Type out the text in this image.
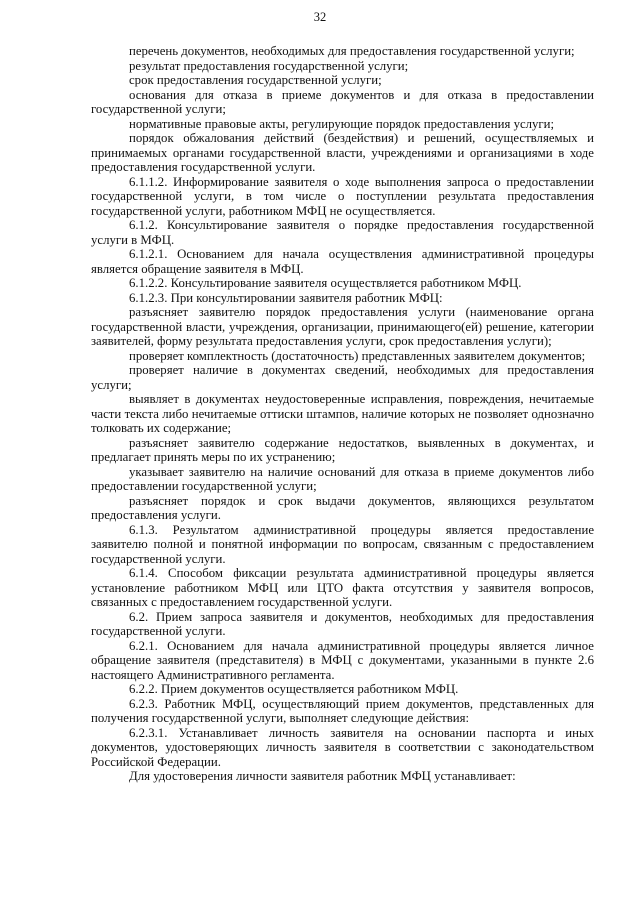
32

перечень документов, необходимых для предоставления государственной услуги;

результат предоставления государственной услуги;

срок предоставления государственной услуги;

основания для отказа в приеме документов и для отказа в предоставлении государственной услуги;

нормативные правовые акты, регулирующие порядок предоставления услуги;

порядок обжалования действий (бездействия) и решений, осуществляемых и принимаемых органами государственной власти, учреждениями и организациями в ходе предоставления государственной услуги.

6.1.1.2. Информирование заявителя о ходе выполнения запроса о предоставлении государственной услуги, в том числе о поступлении результата предоставления государственной услуги, работником МФЦ не осуществляется.

6.1.2. Консультирование заявителя о порядке предоставления государственной услуги в МФЦ.

6.1.2.1. Основанием для начала осуществления административной процедуры является обращение заявителя в МФЦ.

6.1.2.2. Консультирование заявителя осуществляется работником МФЦ.

6.1.2.3. При консультировании заявителя работник МФЦ:

разъясняет заявителю порядок предоставления услуги (наименование органа государственной власти, учреждения, организации, принимающего(ей) решение, категории заявителей, форму результата предоставления услуги, срок предоставления услуги);

проверяет комплектность (достаточность) представленных заявителем документов;

проверяет наличие в документах сведений, необходимых для предоставления услуги;

выявляет в документах неудостоверенные исправления, повреждения, нечитаемые части текста либо нечитаемые оттиски штампов, наличие которых не позволяет однозначно толковать их содержание;

разъясняет заявителю содержание недостатков, выявленных в документах, и предлагает принять меры по их устранению;

указывает заявителю на наличие оснований для отказа в приеме документов либо предоставлении государственной услуги;

разъясняет порядок и срок выдачи документов, являющихся результатом предоставления услуги.

6.1.3. Результатом административной процедуры является предоставление заявителю полной и понятной информации по вопросам, связанным с предоставлением государственной услуги.

6.1.4. Способом фиксации результата административной процедуры является установление работником МФЦ или ЦТО факта отсутствия у заявителя вопросов, связанных с предоставлением государственной услуги.

6.2. Прием запроса заявителя и документов, необходимых для предоставления государственной услуги.

6.2.1. Основанием для начала административной процедуры является личное обращение заявителя (представителя) в МФЦ с документами, указанными в пункте 2.6 настоящего Административного регламента.

6.2.2. Прием документов осуществляется работником МФЦ.

6.2.3. Работник МФЦ, осуществляющий прием документов, представленных для получения государственной услуги, выполняет следующие действия:

6.2.3.1. Устанавливает личность заявителя на основании паспорта и иных документов, удостоверяющих личность заявителя в соответствии с законодательством Российской Федерации.

Для удостоверения личности заявителя работник МФЦ устанавливает:
